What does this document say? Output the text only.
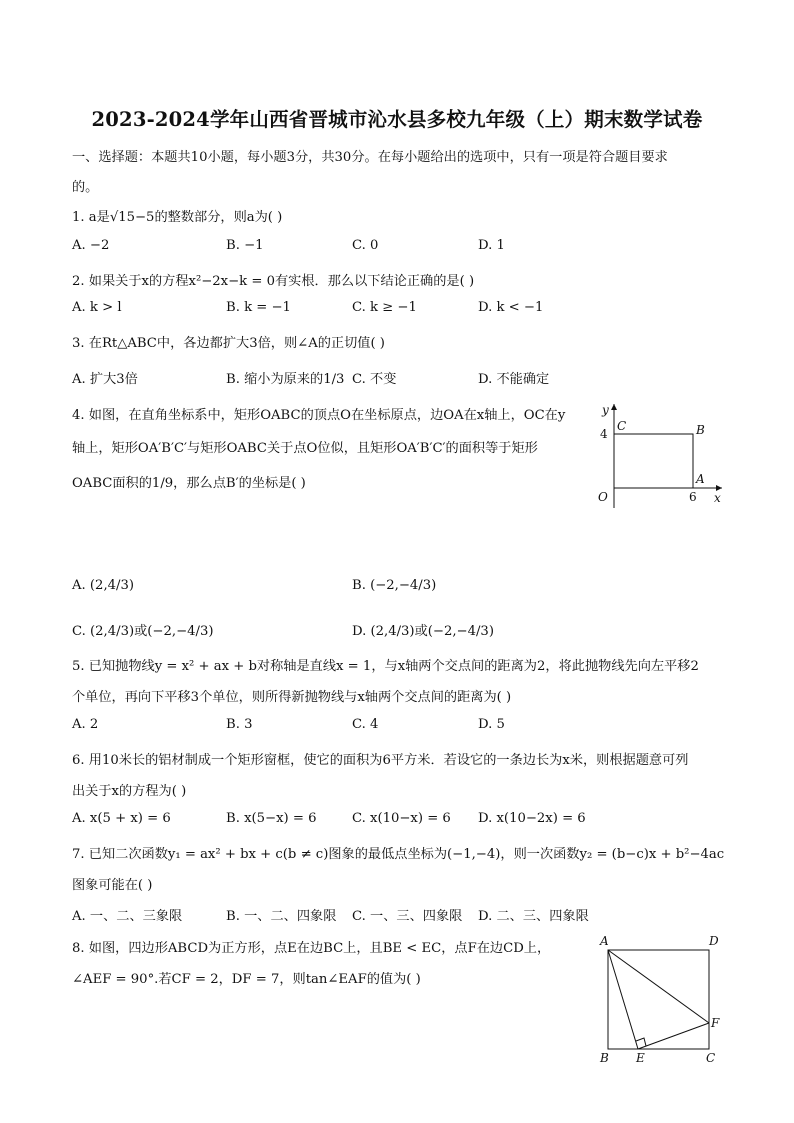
2023-2024学年山西省晋城市沁水县多校九年级（上）期末数学试卷
一、选择题：本题共10小题，每小题3分，共30分。在每小题给出的选项中，只有一项是符合题目要求
的。
1. a是√15−5的整数部分，则a为( )
A. −2	B. −1	C. 0	D. 1
2. 如果关于x的方程x²−2x−k = 0有实根．那么以下结论正确的是( )
A. k > l	B. k = −1	C. k ≥ −1	D. k < −1
3. 在Rt△ABC中，各边都扩大3倍，则∠A的正切值( )
A. 扩大3倍	B. 缩小为原来的1/3 C. 不变	D. 不能确定
4. 如图，在直角坐标系中，矩形OABC的顶点O在坐标原点，边OA在x轴上，OC在y
轴上，矩形OA′B′C′与矩形OABC关于点O位似，且矩形OA′B′C′的面积等于矩形
OABC面积的1/9，那么点B′的坐标是( )
y
x
O
C	B
A
4
6
A. (2,4/3)	B. (−2,−4/3)
C. (2,4/3)或(−2,−4/3)	D. (2,4/3)或(−2,−4/3)
5. 已知抛物线y = x² + ax + b对称轴是直线x = 1，与x轴两个交点间的距离为2，将此抛物线先向左平移2
个单位，再向下平移3个单位，则所得新抛物线与x轴两个交点间的距离为( )
A. 2	B. 3	C. 4	D. 5
6. 用10米长的铝材制成一个矩形窗框，使它的面积为6平方米．若设它的一条边长为x米，则根据题意可列
出关于x的方程为( )
A. x(5 + x) = 6	B. x(5−x) = 6	C. x(10−x) = 6 D. x(10−2x) = 6
7. 已知二次函数y₁ = ax² + bx + c(b ≠ c)图象的最低点坐标为(−1,−4)，则一次函数y₂ = (b−c)x + b²−4ac
图象可能在( )
A. 一、二、三象限	B. 一、二、四象限 C. 一、三、四象限 D. 二、三、四象限
8. 如图，四边形ABCD为正方形，点E在边BC上，且BE < EC，点F在边CD上，
∠AEF = 90°.若CF = 2，DF = 7，则tan∠EAF的值为( )
A	D
B E	C
F
